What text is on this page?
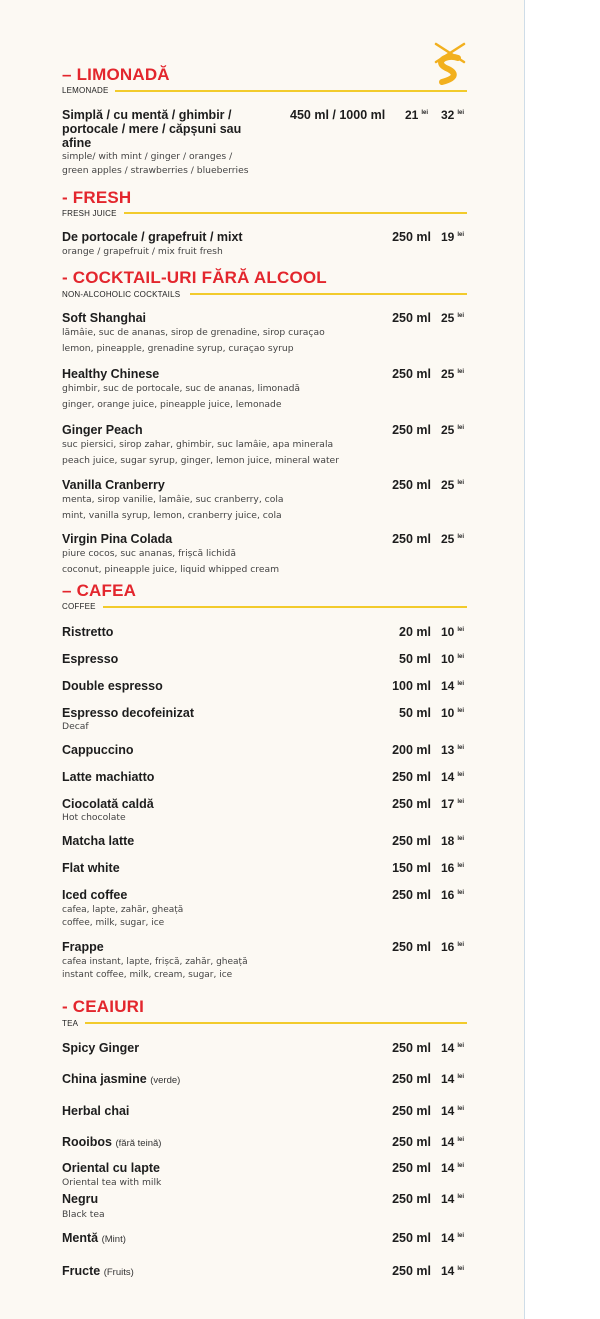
– LIMONADĂ
LEMONADE
Simplă / cu mentă / ghimbir / portocale / mere / căpșuni sau afine
simple/ with mint / ginger / oranges /
green apples / strawberries / blueberries
450 ml / 1000 ml 21 $^{lei}$ 32 $^{lei}$
- FRESH
FRESH JUICE
- COCKTAIL-URI FĂRĂ ALCOOL
NON-ALCOHOLIC COCKTAILS
– CAFEA
COFFEE
- CEAIURI
TEA
De portocale / grapefruit / mixt
orange / grapefruit / mix fruit fresh
250 ml 19 $^{lei}$
Soft Shanghai
lămâie, suc de ananas, sirop de grenadine, sirop curaçao
lemon, pineapple, grenadine syrup, curaçao syrup
250 ml 25 $^{lei}$
Healthy Chinese
ghimbir, suc de portocale, suc de ananas, limonadă
ginger, orange juice, pineapple juice, lemonade
250 ml 25 $^{lei}$
Ginger Peach
suc piersici, sirop zahar, ghimbir, suc lamâie, apa minerala
peach juice, sugar syrup, ginger, lemon juice, mineral water
250 ml 25 $^{lei}$
Vanilla Cranberry
menta, sirop vanilie, lamâie, suc cranberry, cola
mint, vanilla syrup, lemon, cranberry juice, cola
250 ml 25 $^{lei}$
Virgin Pina Colada
piure cocos, suc ananas, frișcă lichidă
coconut, pineapple juice, liquid whipped cream
250 ml 25 $^{lei}$
Ristretto	20 ml 10 $^{lei}$
Espresso	50 ml 10 $^{lei}$
Double espresso	100 ml 14 $^{lei}$
Espresso decofeinizat
Decaf
50 ml 10 $^{lei}$
Cappuccino	200 ml 13 $^{lei}$
Latte machiatto	250 ml 14 $^{lei}$
Ciocolată caldă
Hot chocolate
250 ml 17 $^{lei}$
Matcha latte	250 ml 18 $^{lei}$
Flat white	150 ml 16 $^{lei}$
Iced coffee
cafea, lapte, zahăr, gheață
coffee, milk, sugar, ice
250 ml 16 $^{lei}$
Frappe
cafea instant, lapte, frișcă, zahăr, gheață
instant coffee, milk, cream, sugar, ice
250 ml 16 $^{lei}$
Spicy Ginger	250 ml 14 $^{lei}$
China jasmine (verde)	250 ml 14 $^{lei}$
Herbal chai	250 ml 14 $^{lei}$
Rooibos (fără teină)	250 ml 14 $^{lei}$
Oriental cu lapte
Oriental tea with milk
250 ml 14 $^{lei}$
Negru
Black tea
250 ml 14 $^{lei}$
Mentă (Mint)	250 ml 14 $^{lei}$
Fructe (Fruits)	250 ml 14 $^{lei}$
